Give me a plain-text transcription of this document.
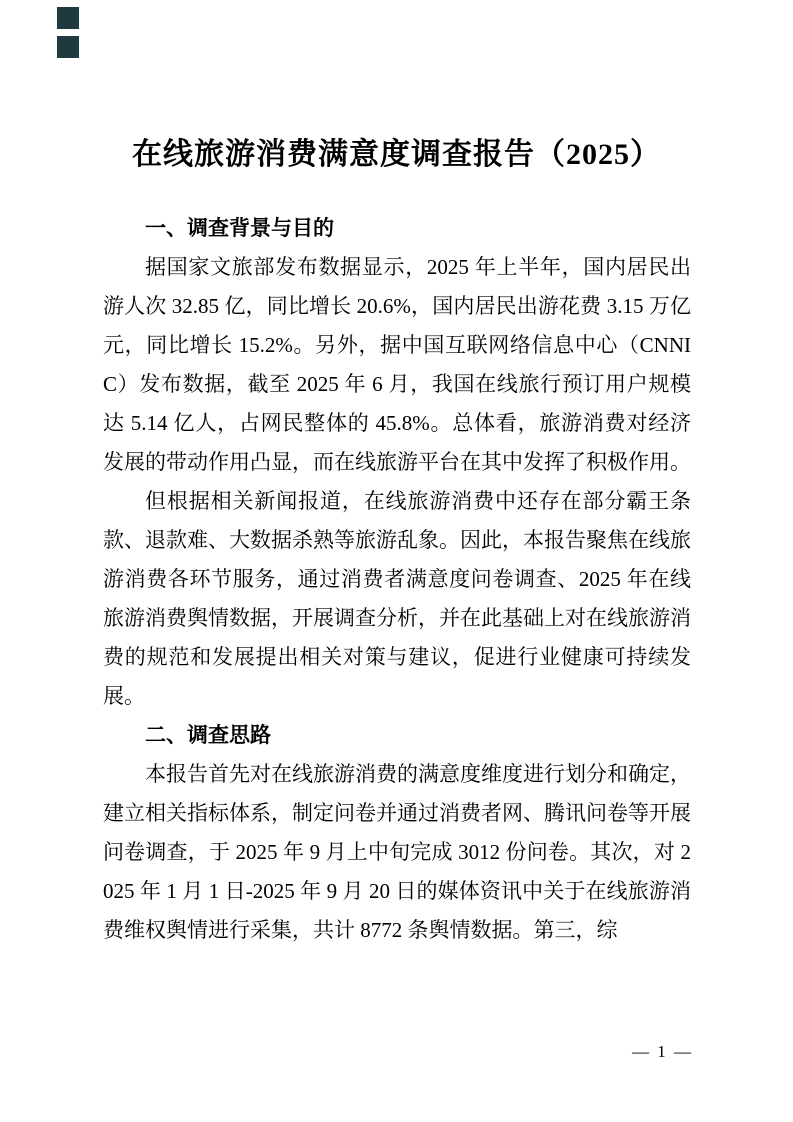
在线旅游消费满意度调查报告（2025）
一、调查背景与目的

据国家文旅部发布数据显示，2025 年上半年，国内居民出游人次 32.85 亿，同比增长 20.6%，国内居民出游花费 3.15 万亿元，同比增长 15.2%。另外，据中国互联网络信息中心（CNNIC）发布数据，截至 2025 年 6 月，我国在线旅行预订用户规模达 5.14 亿人，占网民整体的 45.8%。总体看，旅游消费对经济发展的带动作用凸显，而在线旅游平台在其中发挥了积极作用。

但根据相关新闻报道，在线旅游消费中还存在部分霸王条款、退款难、大数据杀熟等旅游乱象。因此，本报告聚焦在线旅游消费各环节服务，通过消费者满意度问卷调查、2025 年在线旅游消费舆情数据，开展调查分析，并在此基础上对在线旅游消费的规范和发展提出相关对策与建议，促进行业健康可持续发展。

二、调查思路

本报告首先对在线旅游消费的满意度维度进行划分和确定，建立相关指标体系，制定问卷并通过消费者网、腾讯问卷等开展问卷调查，于 2025 年 9 月上中旬完成 3012 份问卷。其次，对 2025 年 1 月 1 日-2025 年 9 月 20 日的媒体资讯中关于在线旅游消费维权舆情进行采集，共计 8772 条舆情数据。第三，综

— 1 —
